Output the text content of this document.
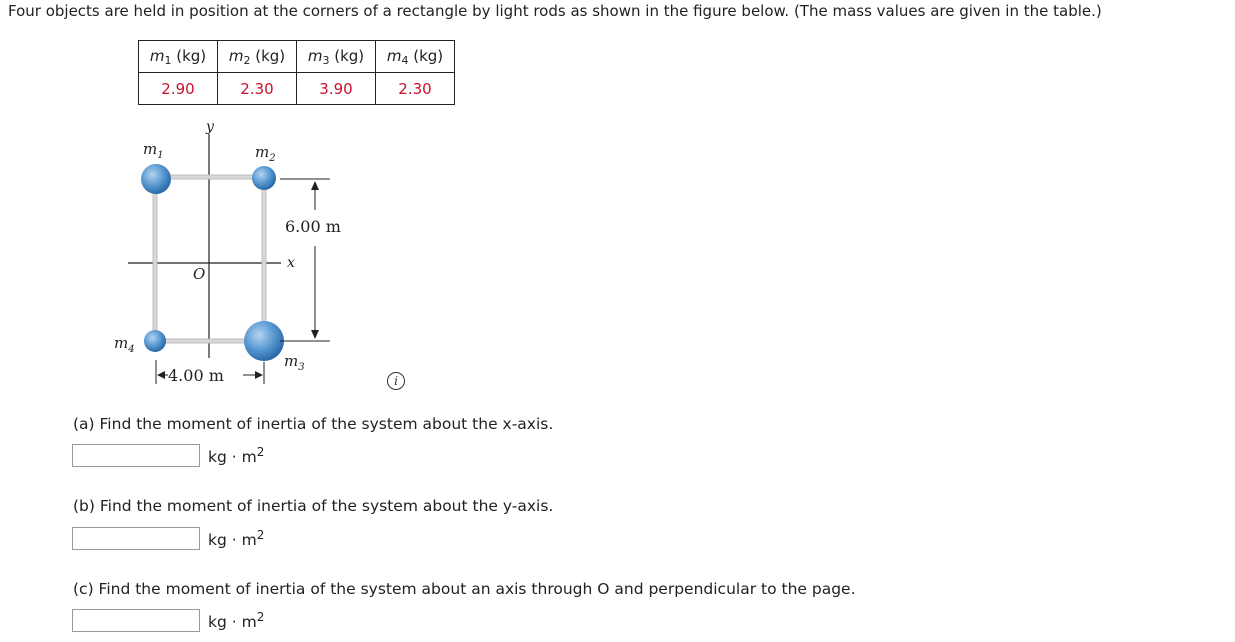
Four objects are held in position at the corners of a rectangle by light rods as shown in the figure below. (The mass values are given in the table.)
$m_1$ (kg)	$m_2$ (kg)	$m_3$ (kg)	$m_4$ (kg)
2.90	2.30	3.90	2.30
6.00 m
4.00 m
y
x
O
$m_1$	$m_2$
$m_3$
$m_4$
i
(a) Find the moment of inertia of the system about the x-axis.
kg · $m^2$
(b) Find the moment of inertia of the system about the y-axis.
kg · $m^2$
(c) Find the moment of inertia of the system about an axis through O and perpendicular to the page.
kg · $m^2$
